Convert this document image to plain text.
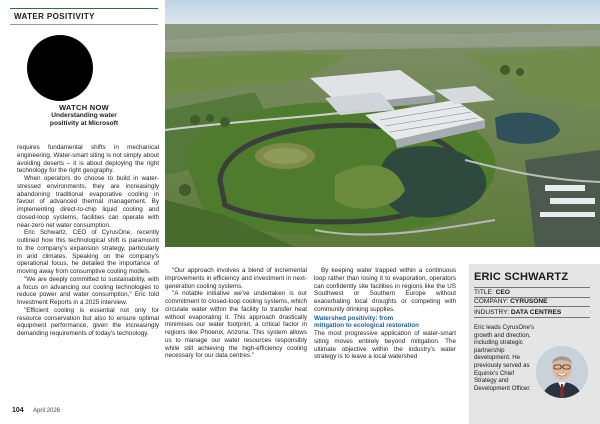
WATER POSITIVITY
WATCH NOW
Understanding water
positivity at Microsoft

requires fundamental shifts in mechanical engineering. Water-smart siting is not simply about avoiding deserts – it is about deploying the right technology for the right geography.

When operators do choose to build in water-stressed environments, they are increasingly abandoning traditional evaporative cooling in favour of advanced thermal management. By implementing direct-to-chip liquid cooling and closed-loop systems, facilities can operate with near-zero net water consumption.

Eric Schwartz, CEO of CyrusOne, recently outlined how this technological shift is paramount to the company's expansion strategy, particularly in arid climates. Speaking on the company's operational focus, he detailed the importance of moving away from consumptive cooling models.

"We are deeply committed to sustainability, with a focus on advancing our cooling technologies to reduce power and water consumption," Eric told Investment Reports in a 2025 interview.

"Efficient cooling is essential not only for resource conservation but also to ensure optimal equipment performance, given the increasingly demanding requirements of today's technology.

"Our approach involves a blend of incremental improvements in efficiency and investment in next-generation cooling systems.

"A notable initiative we've undertaken is our commitment to closed-loop cooling systems, which circulate water within the facility to transfer heat without evaporating it. This approach drastically minimises our water footprint, a critical factor in regions like Phoenix, Arizona. This system allows us to manage our water resources responsibly while still achieving the high-efficiency cooling necessary for our data centres."

By keeping water trapped within a continuous loop rather than losing it to evaporation, operators can confidently site facilities in regions like the US Southwest or Southern Europe without exacerbating local droughts or competing with community drinking supplies.

Watershed positivity: from
mitigation to ecological restoration

The most progressive application of water-smart siting moves entirely beyond mitigation. The ultimate objective within the industry's water strategy is to leave a local watershed

ERIC SCHWARTZ
TITLE: CEO
COMPANY: CYRUSONE
INDUSTRY: DATA CENTRES
Eric leads CyrusOne's growth and direction, including strategic partnership development. He previously served as Equinix's Chief Strategy and Development Officer.
104 April 2026
